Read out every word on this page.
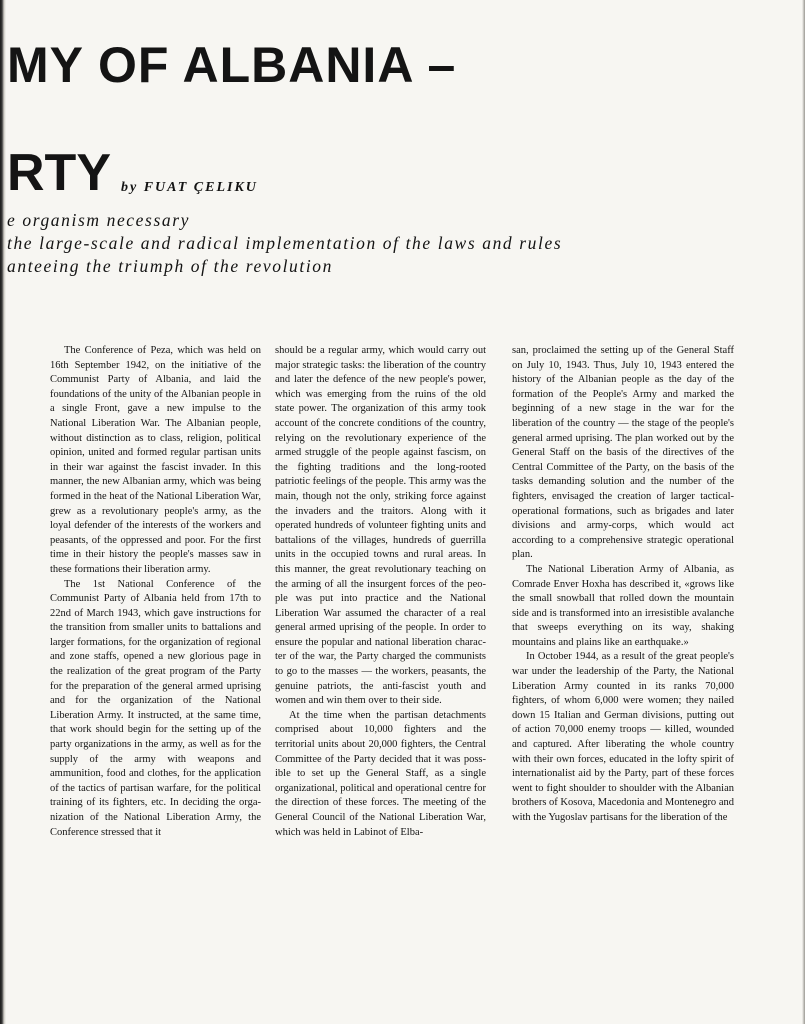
MY OF ALBANIA –
RTY by FUAT ÇELIKU
e organism necessary
the large-scale and radical implementation of the laws and rules
anteeing the triumph of the revolution

The Conference of Peza, which was held on 16th September 1942, on the initiative of the Communist Party of Albania, and laid the foundations of the unity of the Albanian people in a single Front, gave a new impulse to the National Liberation War. The Albanian people, without distinction as to class, religion, political opinion, united and formed regular partisan units in their war against the fascist invader. In this manner, the new Albanian army, which was being formed in the heat of the National Liberation War, grew as a revolutionary people's army, as the loyal defender of the interests of the workers and peasants, of the oppressed and poor. For the first time in their history the people's masses saw in these formations their liberation army.

The 1st National Conference of the Communist Party of Albania held from 17th to 22nd of March 1943, which gave instructions for the transition from smaller units to battalions and larger formations, for the organization of regional and zone staffs, opened a new glorious page in the realization of the great program of the Party for the preparation of the general armed uprising and for the organization of the National Liberation Army. It instructed, at the same time, that work should begin for the setting up of the party organizations in the army, as well as for the supply of the army with weapons and ammunition, food and clothes, for the application of the tactics of partisan warfare, for the political training of its fighters, etc. In deciding the organization of the National Liberation Army, the Conference stressed that it

should be a regular army, which would carry out major strategic tasks: the liberation of the country and later the defence of the new people's power, which was emerging from the ruins of the old state power. The organization of this army took account of the concrete conditions of the country, relying on the revolutionary experience of the armed struggle of the people against fascism, on the fighting traditions and the long-rooted patriotic feelings of the people. This army was the main, though not the only, striking force against the invaders and the traitors. Along with it operated hundreds of volunteer fighting units and battalions of the villages, hundreds of guerrilla units in the occupied towns and rural areas. In this manner, the great revolutionary teaching on the arming of all the insurgent forces of the people was put into practice and the National Liberation War assumed the character of a real general armed uprising of the people. In order to ensure the popular and national liberation character of the war, the Party charged the communists to go to the masses — the workers, peasants, the genuine patriots, the anti-fascist youth and women and win them over to their side.

At the time when the partisan detachments comprised about 10,000 fighters and the territorial units about 20,000 fighters, the Central Committee of the Party decided that it was possible to set up the General Staff, as a single organizational, political and operational centre for the direction of these forces. The meeting of the General Council of the National Liberation War, which was held in Labinot of Elba-

san, proclaimed the setting up of the General Staff on July 10, 1943. Thus, July 10, 1943 entered the history of the Albanian people as the day of the formation of the People's Army and marked the beginning of a new stage in the war for the liberation of the country — the stage of the people's general armed uprising. The plan worked out by the General Staff on the basis of the directives of the Central Committee of the Party, on the basis of the tasks demanding solution and the number of the fighters, envisaged the creation of larger tactical-operational formations, such as brigades and later divisions and army-corps, which would act according to a comprehensive strategic operational plan.

The National Liberation Army of Albania, as Comrade Enver Hoxha has described it, «grows like the small snowball that rolled down the mountain side and is transformed into an irresistible avalanche that sweeps everything on its way, shaking mountains and plains like an earthquake.»

In October 1944, as a result of the great people's war under the leadership of the Party, the National Liberation Army counted in its ranks 70,000 fighters, of whom 6,000 were women; they nailed down 15 Italian and German divisions, putting out of action 70,000 enemy troops — killed, wounded and captured. After liberating the whole country with their own forces, educated in the lofty spirit of internationalist aid by the Party, part of these forces went to fight shoulder to shoulder with the Albanian brothers of Kosova, Macedonia and Montenegro and with the Yugoslav partisans for the liberation of the
